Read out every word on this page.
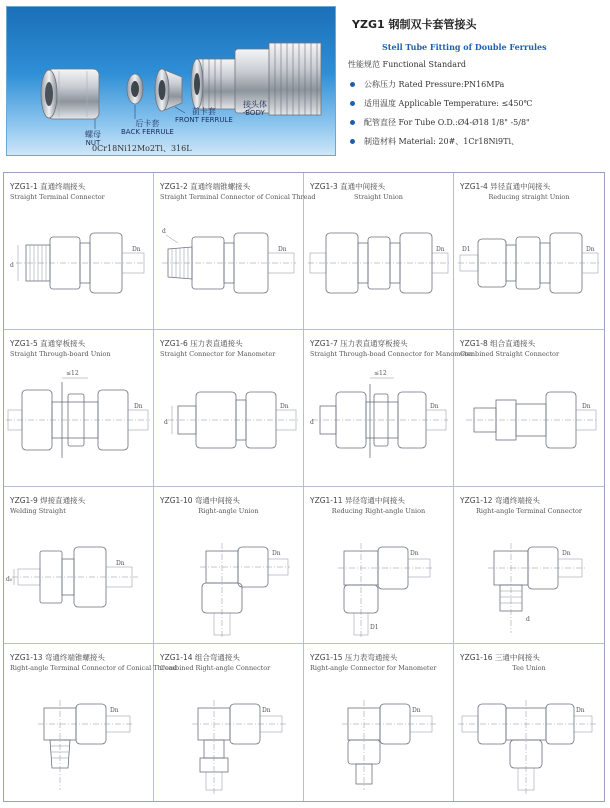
螺母
NUT
后卡套
BACK FERRULE
前卡套
FRONT FERRULE
接头体
BODY
YZG1 钢制双卡套管接头
Stell Tube Fitting of Double Ferrules
性能规范 Functional Standard
公称压力 Rated Pressure:PN16MPa
适用温度 Applicable Temperature: ≤450℃
配管直径 For Tube O.D.:Ø4-Ø18 1/8" -5/8"
制造材料 Material: 20#、1Cr18Ni9Ti、
0Cr18Ni12Mo2Ti、316L
YZG1-1 直通终端接头
Straight Terminal Connector
d
Dn
YZG1-2 直通终端锥螺接头
Straight Terminal Connector of Conical Thread
d
Dn
YZG1-3 直通中间接头
Straight Union
Dn
YZG1-4 异径直通中间接头
Reducing straight Union
D1	Dn
YZG1-5 直通穿板接头
Straight Through-board Union
≤12
Dn
YZG1-6 压力表直通接头
Straight Connector for Manometer
d
Dn
YZG1-7 压力表直通穿板接头
Straight Through-boad Connector for Manometer
≤12
d
Dn
YZG1-8 组合直通接头
Combined Straight Connector
Dn
YZG1-9 焊接直通接头
Welding Straight
d₀
Dn
YZG1-10 弯通中间接头
Right-angle Union
Dn
YZG1-11 异径弯通中间接头
Reducing Right-angle Union
Dn
D1
YZG1-12 弯通终端接头
Right-angle Terminal Connector
Dn
d
YZG1-13 弯通终端锥螺接头
Right-angle Terminal Connector of Conical Thread
Dn
YZG1-14 组合弯通接头
Combined Right-angle Connector
Dn
YZG1-15 压力表弯通接头
Right-angle Connector for Manometer
Dn
YZG1-16 三通中间接头
Tee Union
Dn
